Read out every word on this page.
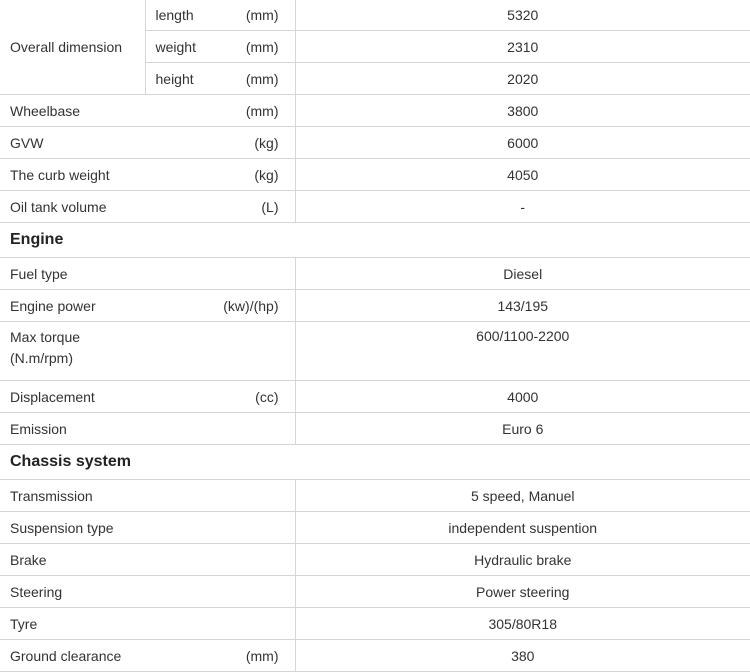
Overall dimension	length (mm)	5320

	weight (mm)	2310

	height (mm)	2020
Wheelbase	(mm)	3800
GVW	(kg)	6000
The curb weight	(kg)	4050
Oil tank volume	(L)	-
Engine		
Fuel type		Diesel
Engine power	(kw)/(hp)	143/195
Max torque
(N.m/rpm)		600/1100-2200
Displacement	(cc)	4000
Emission		Euro 6
Chassis system		
Transmission		5 speed, Manuel
Suspension type		independent suspention
Brake		Hydraulic brake
Steering		Power steering
Tyre		305/80R18
Ground clearance	(mm)	380
